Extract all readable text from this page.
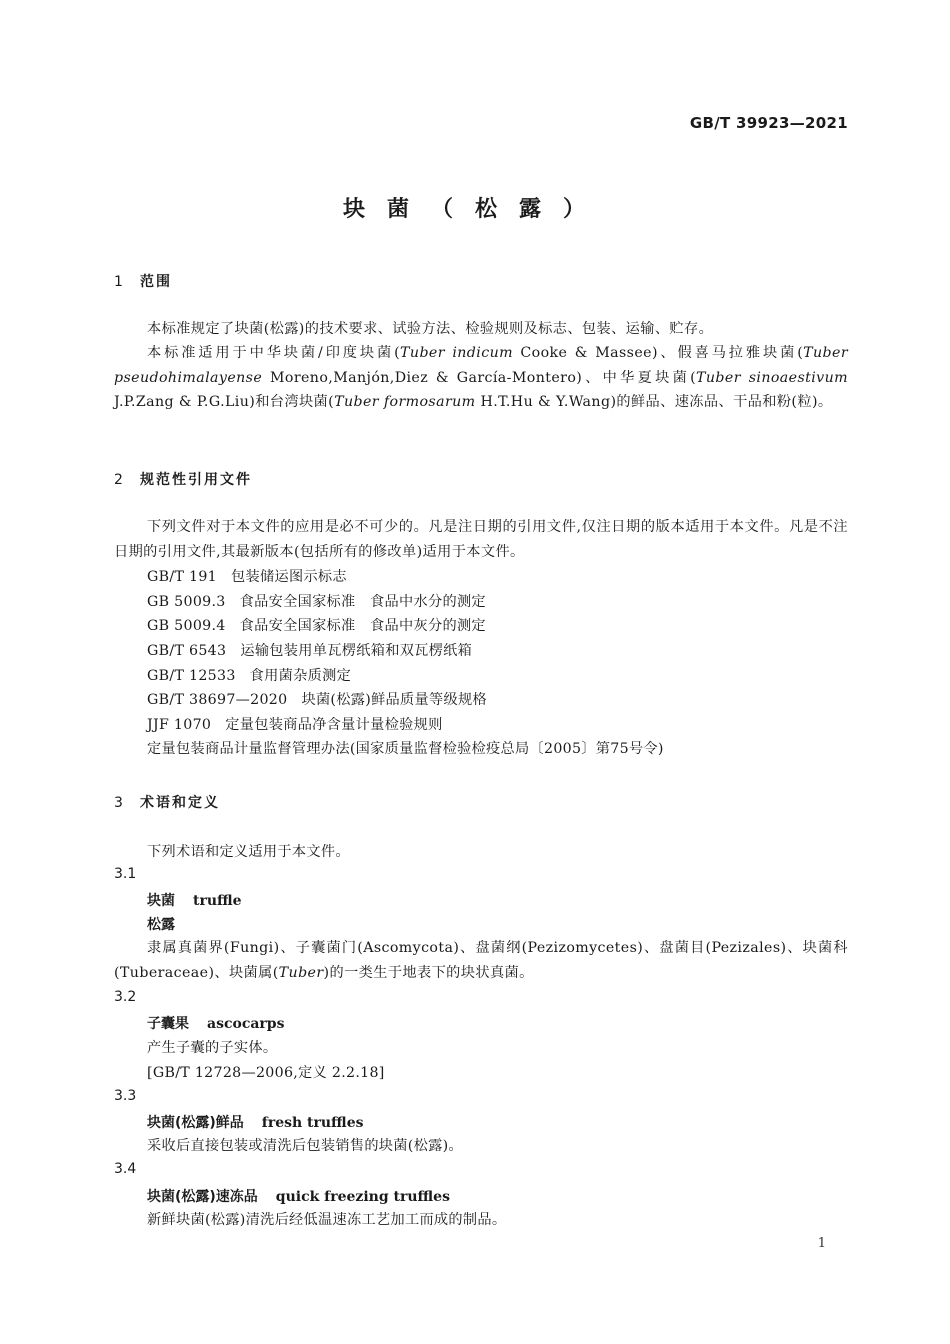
GB/T 39923—2021
块菌（松露）
1 范围
本标准规定了块菌(松露)的技术要求、试验方法、检验规则及标志、包装、运输、贮存。
本标准适用于中华块菌/印度块菌(Tuber indicum Cooke & Massee)、假喜马拉雅块菌(Tuber pseudohimalayense Moreno,Manjón,Diez & García-Montero)、中华夏块菌(Tuber sinoaestivum J.P.Zang & P.G.Liu)和台湾块菌(Tuber formosarum H.T.Hu & Y.Wang)的鲜品、速冻品、干品和粉(粒)。
2 规范性引用文件
下列文件对于本文件的应用是必不可少的。凡是注日期的引用文件,仅注日期的版本适用于本文件。凡是不注日期的引用文件,其最新版本(包括所有的修改单)适用于本文件。
GB/T 191 包装储运图示标志
GB 5009.3 食品安全国家标准　食品中水分的测定
GB 5009.4 食品安全国家标准　食品中灰分的测定
GB/T 6543 运输包装用单瓦楞纸箱和双瓦楞纸箱
GB/T 12533 食用菌杂质测定
GB/T 38697—2020 块菌(松露)鲜品质量等级规格
JJF 1070 定量包装商品净含量计量检验规则
定量包装商品计量监督管理办法(国家质量监督检验检疫总局〔2005〕第75号令)
3 术语和定义
下列术语和定义适用于本文件。
3.1
块菌 truffle
松露
隶属真菌界(Fungi)、子囊菌门(Ascomycota)、盘菌纲(Pezizomycetes)、盘菌目(Pezizales)、块菌科(Tuberaceae)、块菌属(Tuber)的一类生于地表下的块状真菌。
3.2
子囊果 ascocarps
产生子囊的子实体。
[GB/T 12728—2006,定义 2.2.18]
3.3
块菌(松露)鲜品 fresh truffles
采收后直接包装或清洗后包装销售的块菌(松露)。
3.4
块菌(松露)速冻品 quick freezing truffles
新鲜块菌(松露)清洗后经低温速冻工艺加工而成的制品。
1
